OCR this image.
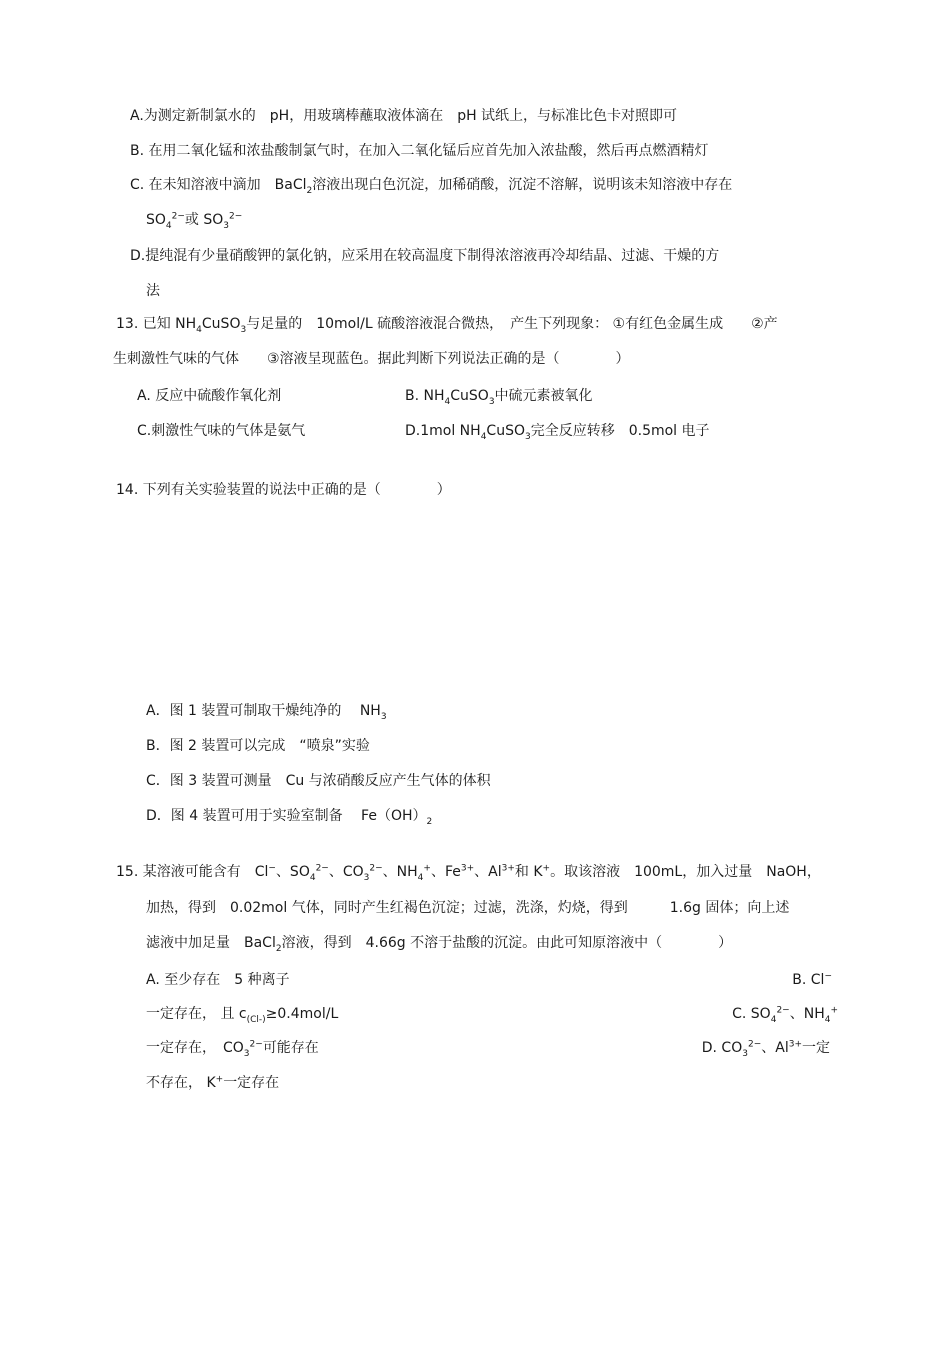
A.为测定新制氯水的　pH，用玻璃棒蘸取液体滴在　pH 试纸上，与标准比色卡对照即可
B. 在用二氧化锰和浓盐酸制氯气时，在加入二氧化锰后应首先加入浓盐酸，然后再点燃酒精灯
C. 在未知溶液中滴加　BaCl$_2$溶液出现白色沉淀，加稀硝酸，沉淀不溶解，说明该未知溶液中存在
$SO_4^{2-}$或 $SO_3^{2-}$
D.提纯混有少量硝酸钾的氯化钠，应采用在较高温度下制得浓溶液再冷却结晶、过滤、干燥的方
法
13. 已知 $NH_4CuSO_3$与足量的　10mol/L 硫酸溶液混合微热，　产生下列现象： ①有红色金属生成　　②产
生刺激性气味的气体　　③溶液呈现蓝色。据此判断下列说法正确的是（　　　　）
A. 反应中硫酸作氧化剂	B. $NH_4CuSO_3$中硫元素被氧化
C.刺激性气味的气体是氨气	D.1mol $NH_4CuSO_3$完全反应转移　0.5mol 电子
14. 下列有关实验装置的说法中正确的是（　　　　）
A．图 1 装置可制取干燥纯净的　 $NH_3$
B．图 2 装置可以完成　“喷泉”实验
C．图 3 装置可测量　Cu 与浓硝酸反应产生气体的体积
D．图 4 装置可用于实验室制备　 $Fe(OH)_2$
15. 某溶液可能含有　Cl−、$SO_4^{2-}$、$CO_3^{2-}$、$NH_4^+$、$Fe^{3+}$、$Al^{3+}$和 K+。取该溶液　100mL，加入过量　NaOH，
加热，得到　0.02mol 气体，同时产生红褐色沉淀；过滤，洗涤，灼烧，得到　　　1.6g 固体；向上述
滤液中加足量　BaCl$_2$溶液，得到　4.66g 不溶于盐酸的沉淀。由此可知原溶液中（　　　　）
A. 至少存在　5 种离子	B. Cl−
一定存在， 且 $c_{(Cl-)}\ge 0.4mol/L$	C. $SO_4^{2-}$、$NH_4^+$
一定存在，　$CO_3^{2-}$可能存在	D. $CO_3^{2-}$、$Al^{3+}$一定
不存在， K+一定存在
